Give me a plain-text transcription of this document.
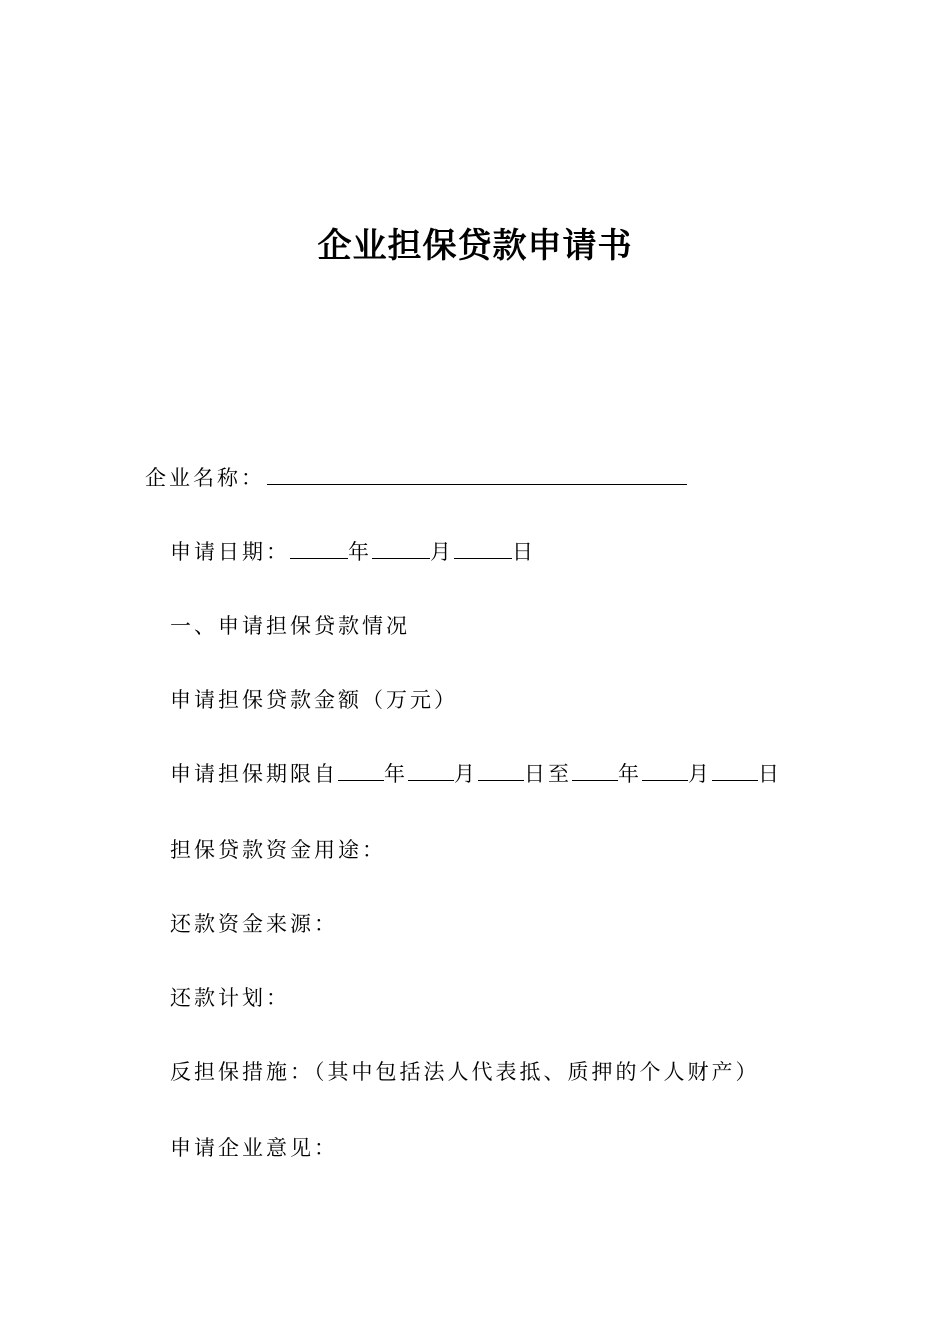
企业担保贷款申请书
企业名称：
申请日期：	年	月	日
一、申请担保贷款情况
申请担保贷款金额（万元）
申请担保期限自 年 月 日至 年 月 日
担保贷款资金用途：
还款资金来源：
还款计划：
反担保措施：（其中包括法人代表抵、质押的个人财产）
申请企业意见：
